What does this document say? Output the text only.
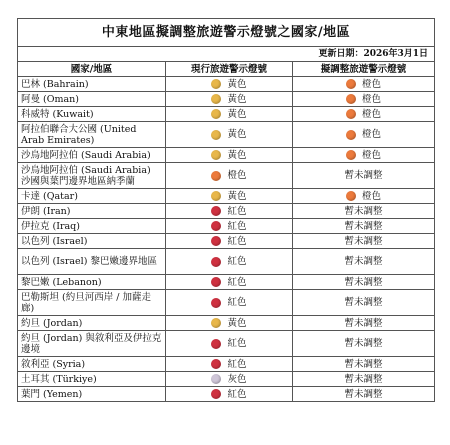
中東地區擬調整旅遊警示燈號之國家/地區		
更新日期：2026年3月1日		
國家/地區	現行旅遊警示燈號	擬調整旅遊警示燈號
巴林 (Bahrain)	黃色	橙色
阿曼 (Oman)	黃色	橙色
科威特 (Kuwait)	黃色	橙色
阿拉伯聯合大公國 (United Arab Emirates)	黃色	橙色
沙烏地阿拉伯 (Saudi Arabia)	黃色	橙色
沙烏地阿拉伯 (Saudi Arabia) 沙國與葉門邊界地區納季蘭	橙色	暫未調整
卡達 (Qatar)	黃色	橙色
伊朗 (Iran)	紅色	暫未調整
伊拉克 (Iraq)	紅色	暫未調整
以色列 (Israel)	紅色	暫未調整
以色列 (Israel) 黎巴嫩邊界地區	紅色	暫未調整
黎巴嫩 (Lebanon)	紅色	暫未調整
巴勒斯坦 (約旦河西岸 / 加薩走廊)	紅色	暫未調整
約旦 (Jordan)	黃色	暫未調整
約旦 (Jordan) 與敘利亞及伊拉克邊境	紅色	暫未調整
敘利亞 (Syria)	紅色	暫未調整
土耳其 (Türkiye)	灰色	暫未調整
葉門 (Yemen)	紅色	暫未調整
